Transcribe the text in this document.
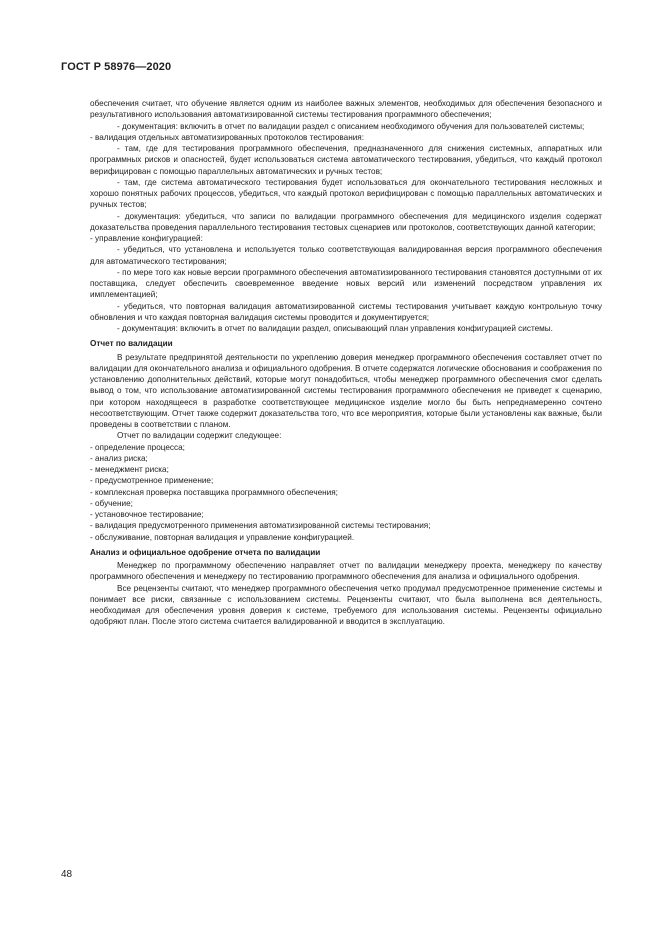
ГОСТ Р 58976—2020

обеспечения считает, что обучение является одним из наиболее важных элементов, необходимых для обеспечения безопасного и результативного использования автоматизированной системы тестирования программного обеспечения;

- документация: включить в отчет по валидации раздел с описанием необходимого обучения для пользователей системы;

- валидация отдельных автоматизированных протоколов тестирования:

- там, где для тестирования программного обеспечения, предназначенного для снижения системных, аппаратных или программных рисков и опасностей, будет использоваться система автоматического тестирования, убедиться, что каждый протокол верифицирован с помощью параллельных автоматических и ручных тестов;

- там, где система автоматического тестирования будет использоваться для окончательного тестирования несложных и хорошо понятных рабочих процессов, убедиться, что каждый протокол верифицирован с помощью параллельных автоматических и ручных тестов;

- документация: убедиться, что записи по валидации программного обеспечения для медицинского изделия содержат доказательства проведения параллельного тестирования тестовых сценариев или протоколов, соответствующих данной категории;

- управление конфигурацией:

- убедиться, что установлена и используется только соответствующая валидированная версия программного обеспечения для автоматического тестирования;

- по мере того как новые версии программного обеспечения автоматизированного тестирования становятся доступными от их поставщика, следует обеспечить своевременное введение новых версий или изменений посредством управления их имплементацией;

- убедиться, что повторная валидация автоматизированной системы тестирования учитывает каждую контрольную точку обновления и что каждая повторная валидация системы проводится и документируется;

- документация: включить в отчет по валидации раздел, описывающий план управления конфигурацией системы.

Отчет по валидации

В результате предпринятой деятельности по укреплению доверия менеджер программного обеспечения составляет отчет по валидации для окончательного анализа и официального одобрения. В отчете содержатся логические обоснования и соображения по установлению дополнительных действий, которые могут понадобиться, чтобы менеджер программного обеспечения смог сделать вывод о том, что использование автоматизированной системы тестирования программного обеспечения не приведет к сценарию, при котором находящееся в разработке соответствующее медицинское изделие могло бы быть непреднамеренно сочтено несоответствующим. Отчет также содержит доказательства того, что все мероприятия, которые были установлены как важные, были проведены в соответствии с планом.

Отчет по валидации содержит следующее:

- определение процесса;

- анализ риска;

- менеджмент риска;

- предусмотренное применение;

- комплексная проверка поставщика программного обеспечения;

- обучение;

- установочное тестирование;

- валидация предусмотренного применения автоматизированной системы тестирования;

- обслуживание, повторная валидация и управление конфигурацией.

Анализ и официальное одобрение отчета по валидации

Менеджер по программному обеспечению направляет отчет по валидации менеджеру проекта, менеджеру по качеству программного обеспечения и менеджеру по тестированию программного обеспечения для анализа и официального одобрения.

Все рецензенты считают, что менеджер программного обеспечения четко продумал предусмотренное применение системы и понимает все риски, связанные с использованием системы. Рецензенты считают, что была выполнена вся деятельность, необходимая для обеспечения уровня доверия к системе, требуемого для использования системы. Рецензенты официально одобряют план. После этого система считается валидированной и вводится в эксплуатацию.

48
